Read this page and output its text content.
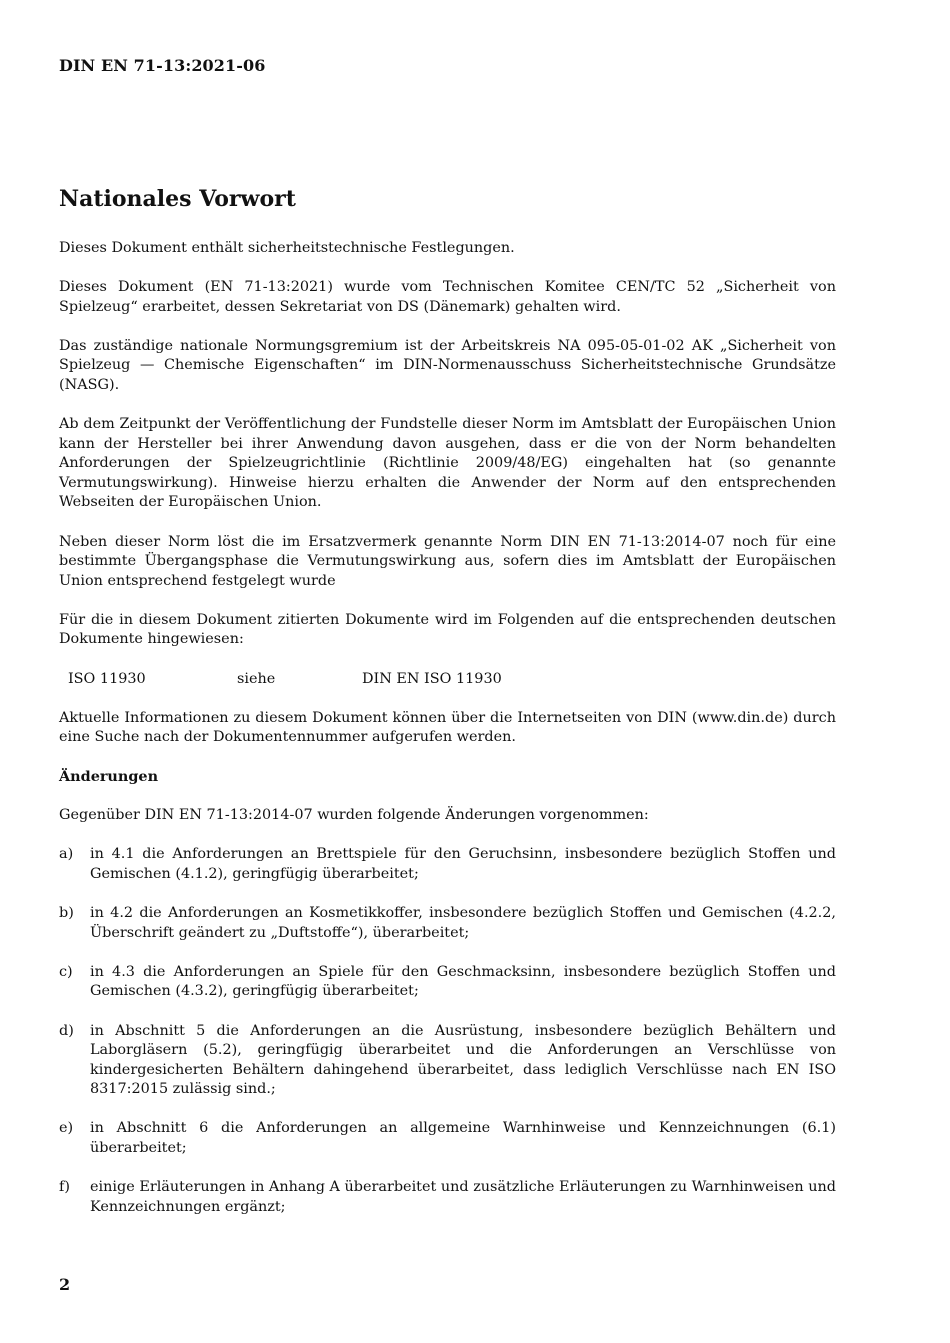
DIN EN 71-13:2021-06
Nationales Vorwort

Dieses Dokument enthält sicherheitstechnische Festlegungen.

Dieses Dokument (EN 71-13:2021) wurde vom Technischen Komitee CEN/TC 52 „Sicherheit von Spielzeug“ erarbeitet, dessen Sekretariat von DS (Dänemark) gehalten wird.

Das zuständige nationale Normungsgremium ist der Arbeitskreis NA 095-05-01-02 AK „Sicherheit von Spielzeug — Chemische Eigenschaften“ im DIN-Normenausschuss Sicherheitstechnische Grundsätze (NASG).

Ab dem Zeitpunkt der Veröffentlichung der Fundstelle dieser Norm im Amtsblatt der Europäischen Union kann der Hersteller bei ihrer Anwendung davon ausgehen, dass er die von der Norm behandelten Anforderungen der Spielzeugrichtlinie (Richtlinie 2009/48/EG) eingehalten hat (so genannte Vermutungswirkung). Hinweise hierzu erhalten die Anwender der Norm auf den entsprechenden Webseiten der Europäischen Union.

Neben dieser Norm löst die im Ersatzvermerk genannte Norm DIN EN 71-13:2014-07 noch für eine bestimmte Übergangsphase die Vermutungswirkung aus, sofern dies im Amtsblatt der Europäischen Union entsprechend festgelegt wurde

Für die in diesem Dokument zitierten Dokumente wird im Folgenden auf die entsprechenden deutschen Dokumente hingewiesen:

ISO 11930	siehe	DIN EN ISO 11930

Aktuelle Informationen zu diesem Dokument können über die Internetseiten von DIN (www.din.de) durch eine Suche nach der Dokumentennummer aufgerufen werden.

Änderungen

Gegenüber DIN EN 71-13:2014-07 wurden folgende Änderungen vorgenommen:

a)	in 4.1 die Anforderungen an Brettspiele für den Geruchsinn, insbesondere bezüglich Stoffen und Gemischen (4.1.2), geringfügig überarbeitet;
b)	in 4.2 die Anforderungen an Kosmetikkoffer, insbesondere bezüglich Stoffen und Gemischen (4.2.2, Überschrift geändert zu „Duftstoffe“), überarbeitet;
c)	in 4.3 die Anforderungen an Spiele für den Geschmacksinn, insbesondere bezüglich Stoffen und Gemischen (4.3.2), geringfügig überarbeitet;
d)	in Abschnitt 5 die Anforderungen an die Ausrüstung, insbesondere bezüglich Behältern und Laborgläsern (5.2), geringfügig überarbeitet und die Anforderungen an Verschlüsse von kindergesicherten Behältern dahingehend überarbeitet, dass lediglich Verschlüsse nach EN ISO 8317:2015 zulässig sind.;
e)	in Abschnitt 6 die Anforderungen an allgemeine Warnhinweise und Kennzeichnungen (6.1) überarbeitet;
f)	einige Erläuterungen in Anhang A überarbeitet und zusätzliche Erläuterungen zu Warnhinweisen und Kennzeichnungen ergänzt;
2
